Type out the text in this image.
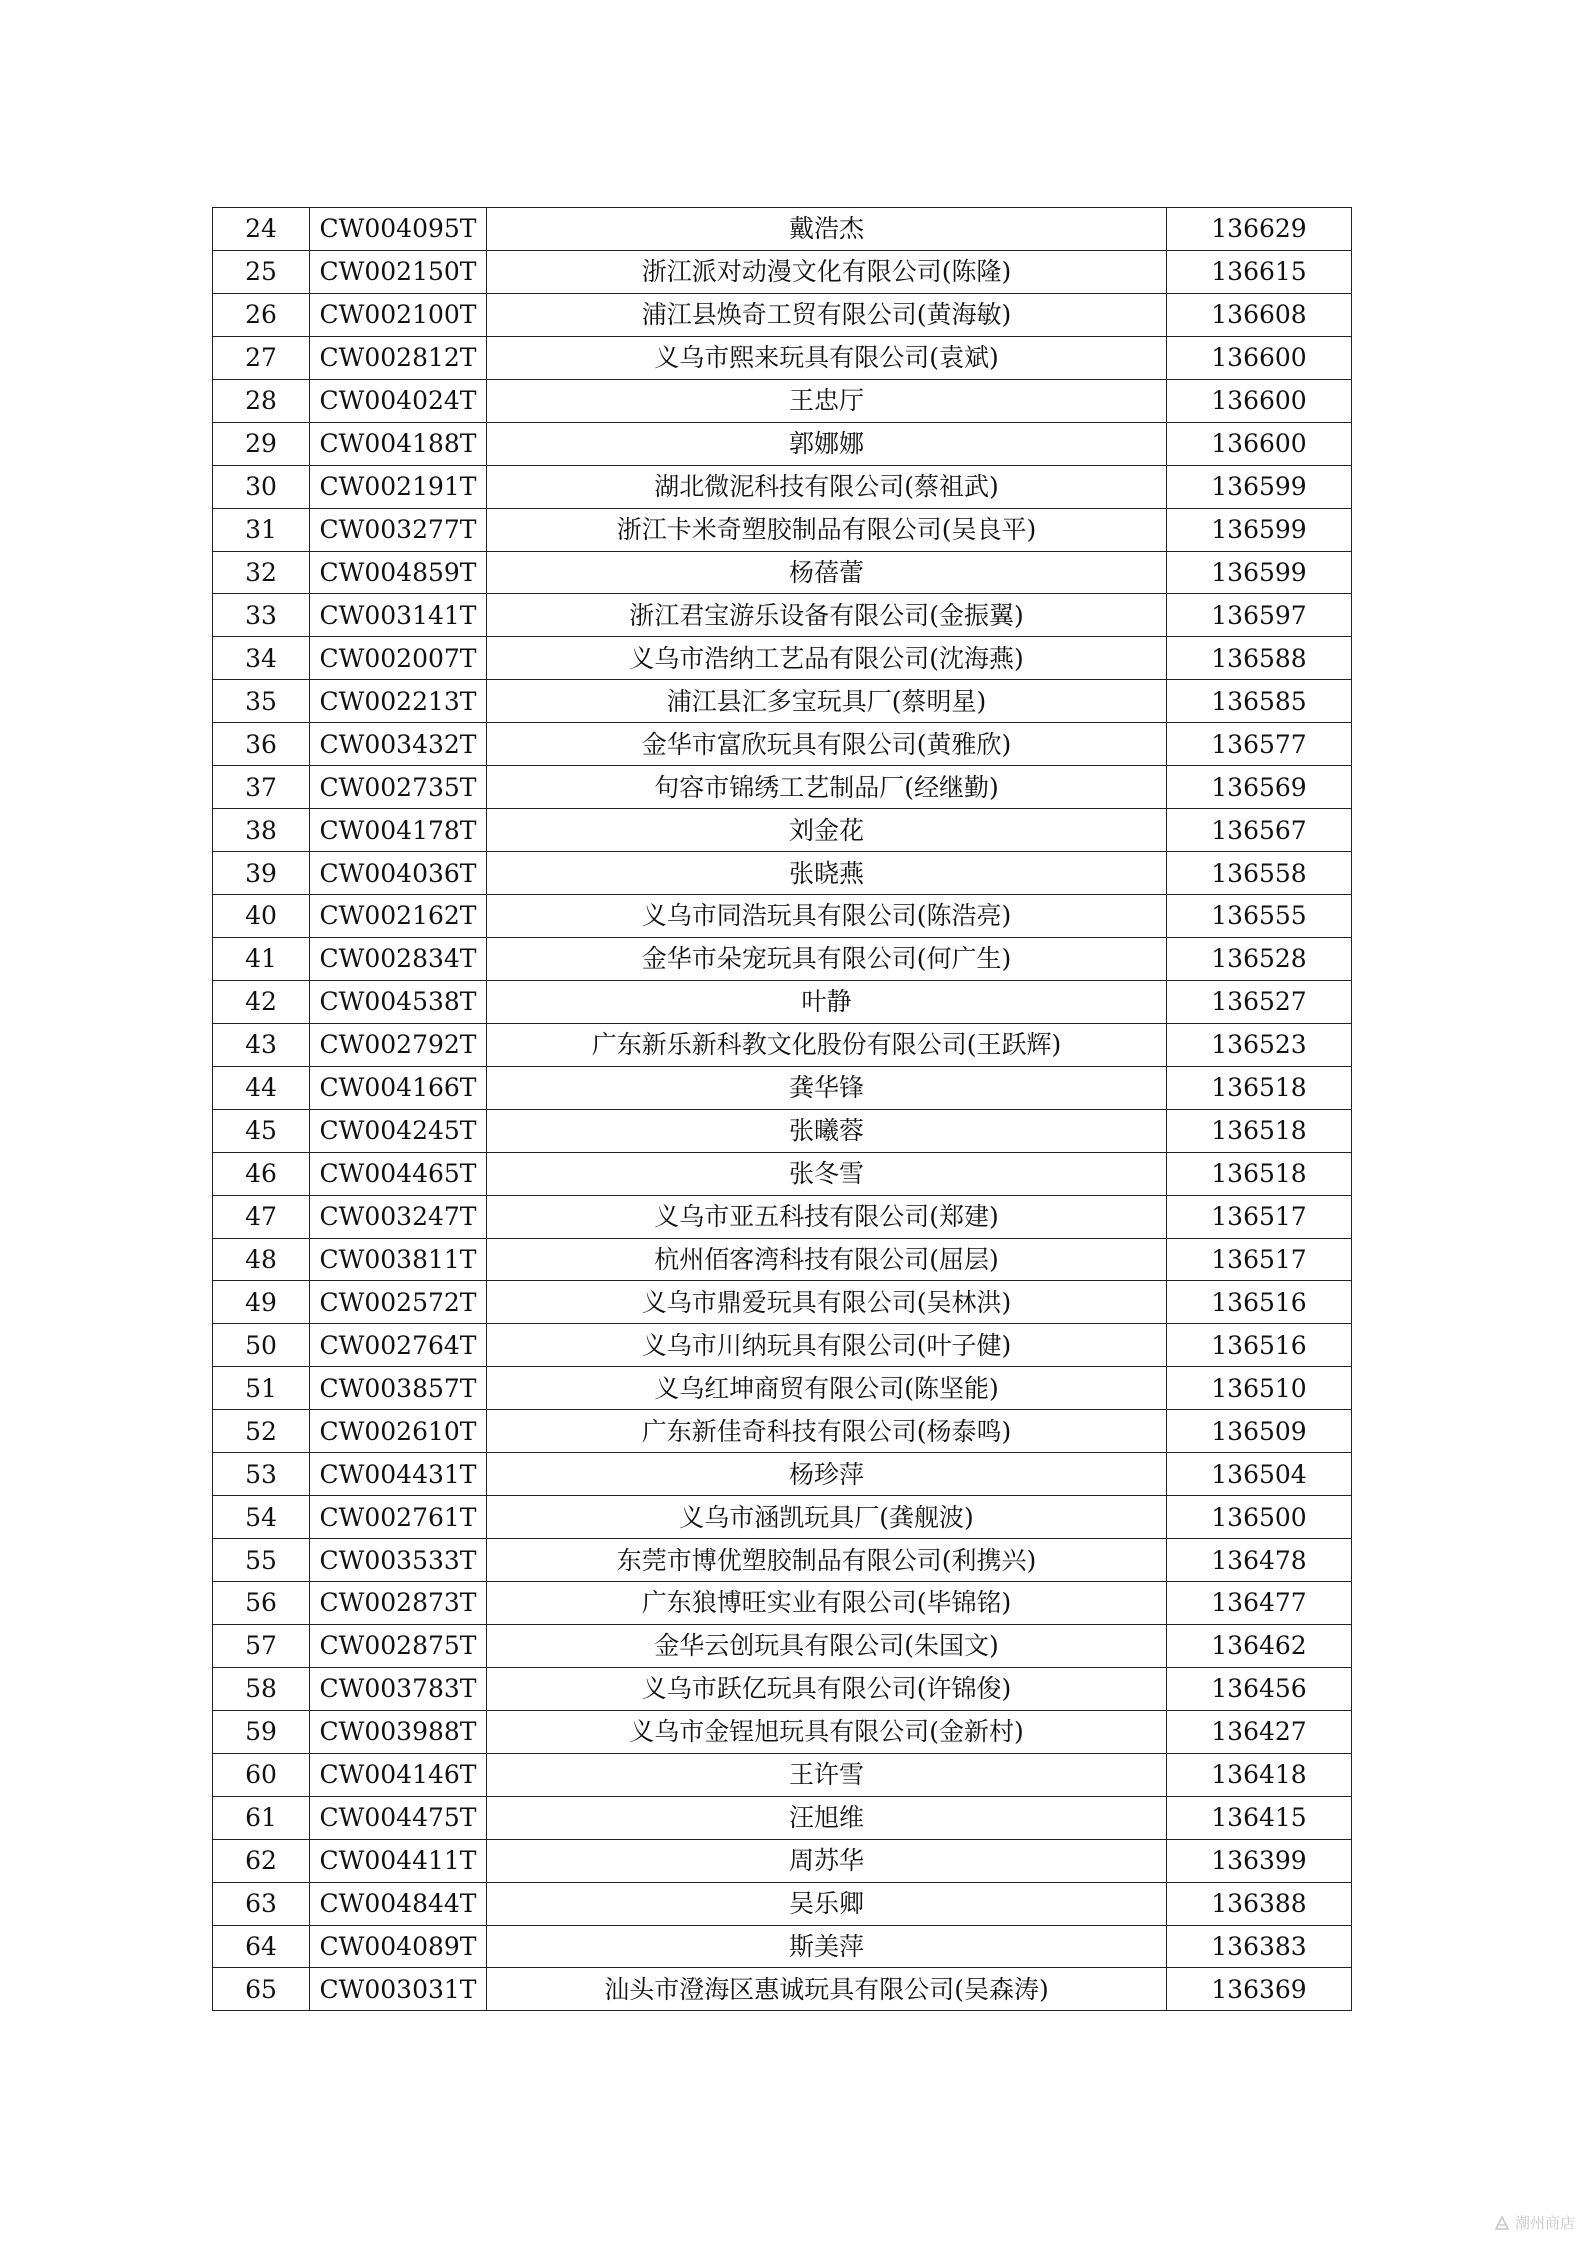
24	CW004095T	戴浩杰	136629
25	CW002150T	浙江派对动漫文化有限公司(陈隆)	136615
26	CW002100T	浦江县焕奇工贸有限公司(黄海敏)	136608
27	CW002812T	义乌市熙来玩具有限公司(袁斌)	136600
28	CW004024T	王忠厅	136600
29	CW004188T	郭娜娜	136600
30	CW002191T	湖北微泥科技有限公司(蔡祖武)	136599
31	CW003277T	浙江卡米奇塑胶制品有限公司(吴良平)	136599
32	CW004859T	杨蓓蕾	136599
33	CW003141T	浙江君宝游乐设备有限公司(金振翼)	136597
34	CW002007T	义乌市浩纳工艺品有限公司(沈海燕)	136588
35	CW002213T	浦江县汇多宝玩具厂(蔡明星)	136585
36	CW003432T	金华市富欣玩具有限公司(黄雅欣)	136577
37	CW002735T	句容市锦绣工艺制品厂(经继勤)	136569
38	CW004178T	刘金花	136567
39	CW004036T	张晓燕	136558
40	CW002162T	义乌市同浩玩具有限公司(陈浩亮)	136555
41	CW002834T	金华市朵宠玩具有限公司(何广生)	136528
42	CW004538T	叶静	136527
43	CW002792T	广东新乐新科教文化股份有限公司(王跃辉)	136523
44	CW004166T	龚华锋	136518
45	CW004245T	张曦蓉	136518
46	CW004465T	张冬雪	136518
47	CW003247T	义乌市亚五科技有限公司(郑建)	136517
48	CW003811T	杭州佰客湾科技有限公司(屈层)	136517
49	CW002572T	义乌市鼎爱玩具有限公司(吴林洪)	136516
50	CW002764T	义乌市川纳玩具有限公司(叶子健)	136516
51	CW003857T	义乌红坤商贸有限公司(陈坚能)	136510
52	CW002610T	广东新佳奇科技有限公司(杨泰鸣)	136509
53	CW004431T	杨珍萍	136504
54	CW002761T	义乌市涵凯玩具厂(龚舰波)	136500
55	CW003533T	东莞市博优塑胶制品有限公司(利携兴)	136478
56	CW002873T	广东狼博旺实业有限公司(毕锦铭)	136477
57	CW002875T	金华云创玩具有限公司(朱国文)	136462
58	CW003783T	义乌市跃亿玩具有限公司(许锦俊)	136456
59	CW003988T	义乌市金锃旭玩具有限公司(金新村)	136427
60	CW004146T	王许雪	136418
61	CW004475T	汪旭维	136415
62	CW004411T	周苏华	136399
63	CW004844T	吴乐卿	136388
64	CW004089T	斯美萍	136383
65	CW003031T	汕头市澄海区惠诚玩具有限公司(吴森涛)	136369
潮州商店
